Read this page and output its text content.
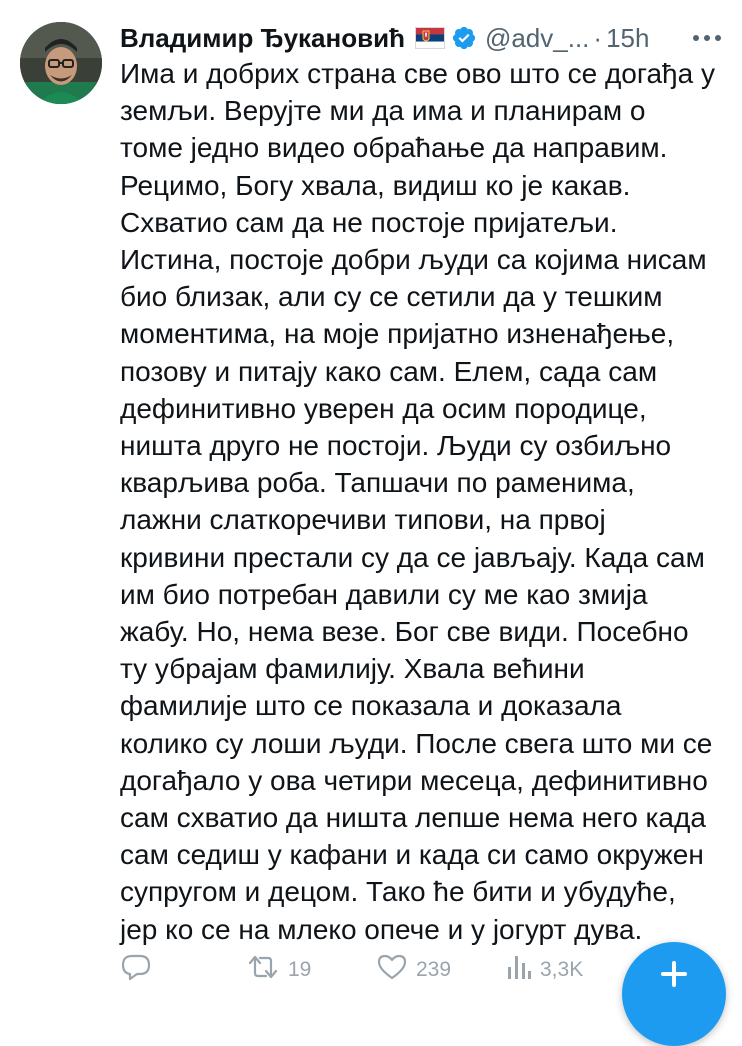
Владимир Ђукановић	@adv_... · 15h
Има и добрих страна све ово што се догађа у
земљи. Верујте ми да има и планирам о
томе једно видео обраћање да направим.
Рецимо, Богу хвала, видиш ко је какав.
Схватио сам да не постоје пријатељи.
Истина, постоје добри људи са којима нисам
био близак, али су се сетили да у тешким
моментима, на моје пријатно изненађење,
позову и питају како сам. Елем, сада сам
дефинитивно уверен да осим породице,
ништа друго не постоји. Људи су озбиљно
кварљива роба. Тапшачи по раменима,
лажни слаткоречиви типови, на првој
кривини престали су да се јављају. Када сам
им био потребан давили су ме као змија
жабу. Но, нема везе. Бог све види. Посебно
ту убрајам фамилију. Хвала већини
фамилије што се показала и доказала
колико су лоши људи. После свега што ми се
догађало у ова четири месеца, дефинитивно
сам схватио да ништа лепше нема него када
сам седиш у кафани и када си само окружен
супругом и децом. Тако ће бити и убудуће,
јер ко се на млеко опече и у јогурт дува.
19	239	3,3K
